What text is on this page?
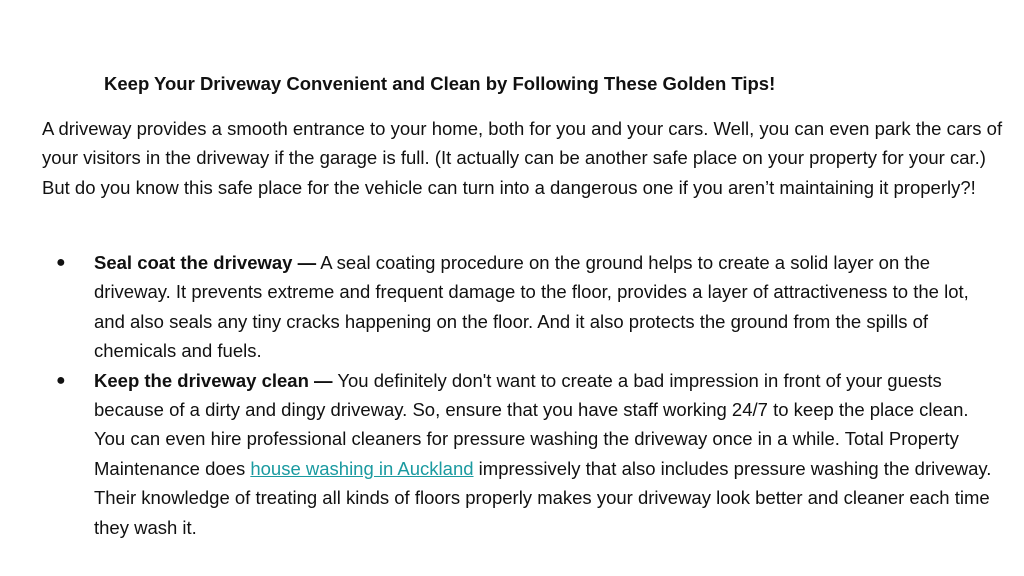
Keep Your Driveway Convenient and Clean by Following These Golden Tips!

A driveway provides a smooth entrance to your home, both for you and your cars. Well, you can even park the cars of your visitors in the driveway if the garage is full. (It actually can be another safe place on your property for your car.) But do you know this safe place for the vehicle can turn into a dangerous one if you aren’t maintaining it properly?!

● Seal coat the driveway — A seal coating procedure on the ground helps to create a solid layer on the driveway. It prevents extreme and frequent damage to the floor, provides a layer of attractiveness to the lot, and also seals any tiny cracks happening on the floor. And it also protects the ground from the spills of chemicals and fuels.
● Keep the driveway clean — You definitely don't want to create a bad impression in front of your guests because of a dirty and dingy driveway. So, ensure that you have staff working 24/7 to keep the place clean. You can even hire professional cleaners for pressure washing the driveway once in a while. Total Property Maintenance does house washing in Auckland impressively that also includes pressure washing the driveway. Their knowledge of treating all kinds of floors properly makes your driveway look better and cleaner each time they wash it.
